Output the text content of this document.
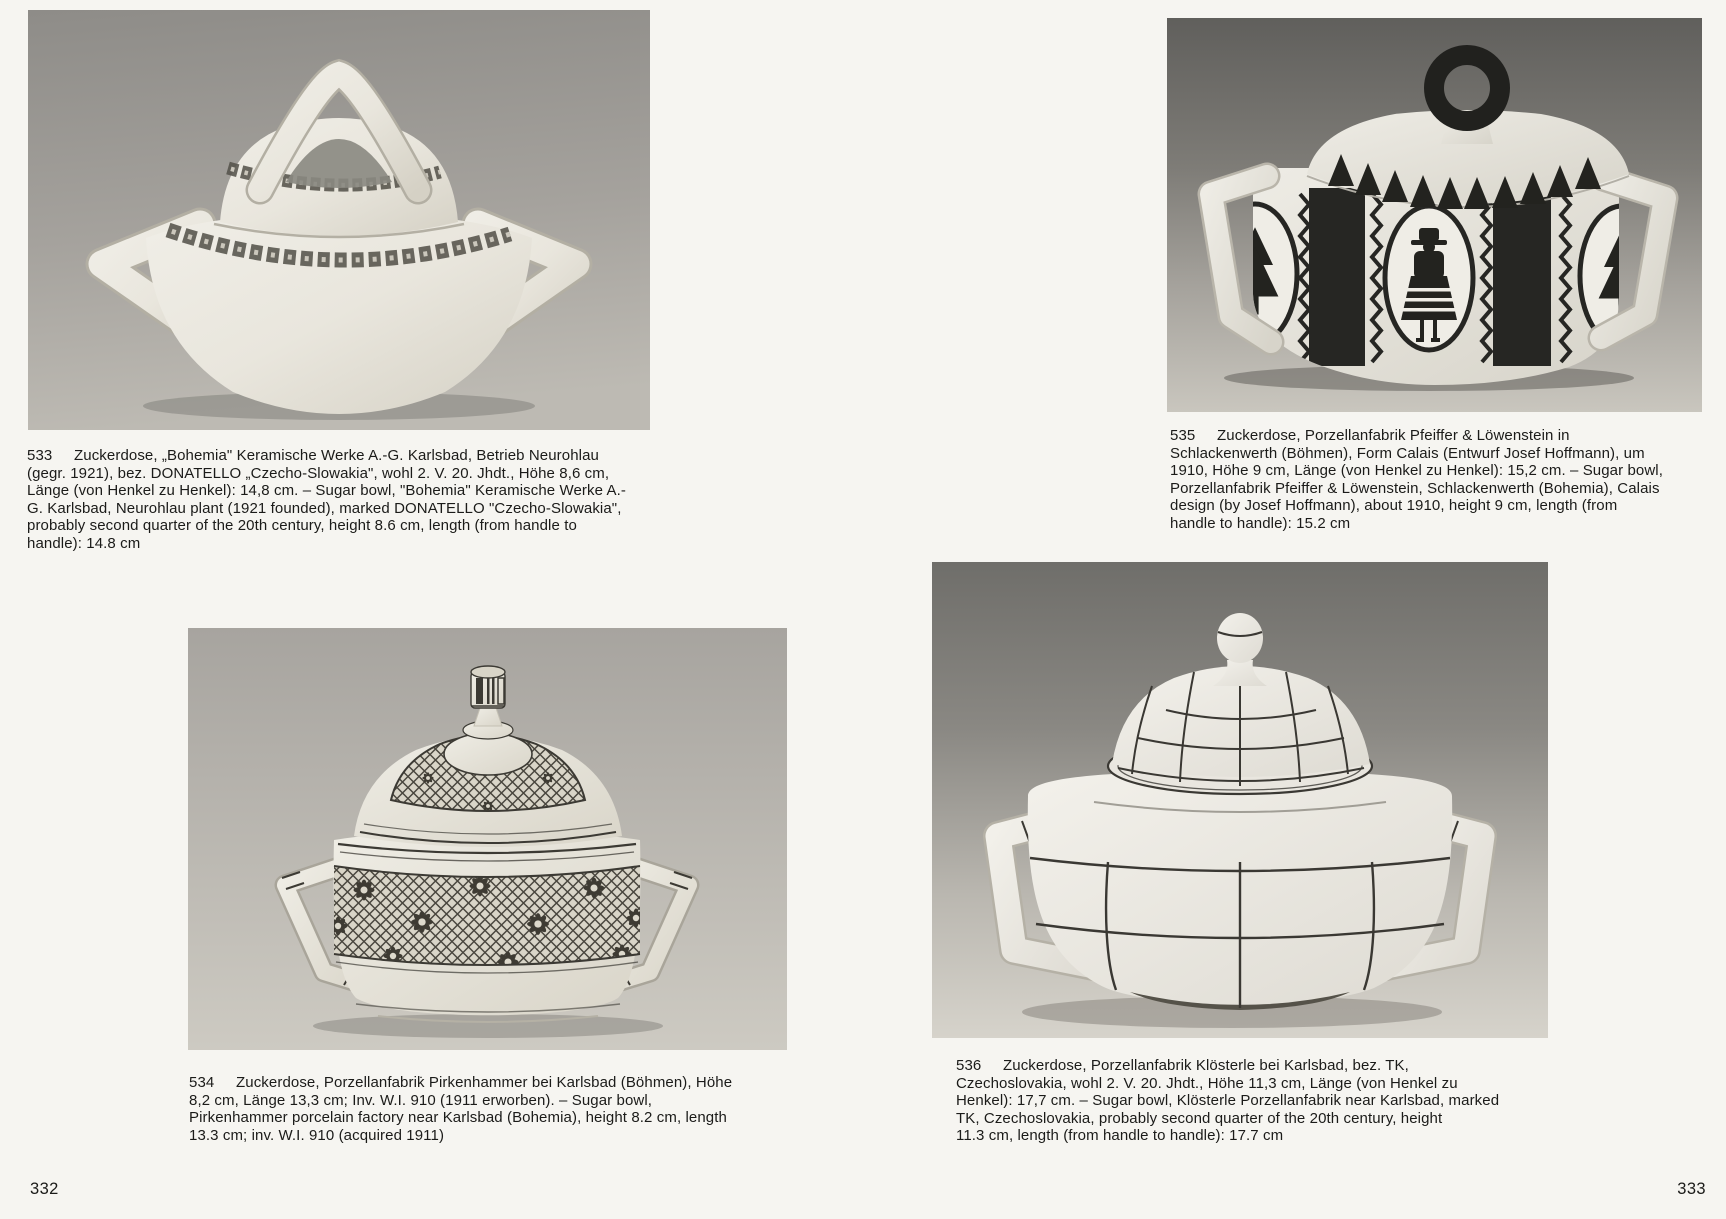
533 Zuckerdose, „Bohemia" Keramische Werke A.-G. Karlsbad, Betrieb Neurohlau
(gegr. 1921), bez. DONATELLO „Czecho-Slowakia", wohl 2. V. 20. Jhdt., Höhe 8,6 cm,
Länge (von Henkel zu Henkel): 14,8 cm. – Sugar bowl, "Bohemia" Keramische Werke A.-
G. Karlsbad, Neurohlau plant (1921 founded), marked DONATELLO "Czecho-Slowakia",
probably second quarter of the 20th century, height 8.6 cm, length (from handle to
handle): 14.8 cm
535 Zuckerdose, Porzellanfabrik Pfeiffer & Löwenstein in
Schlackenwerth (Böhmen), Form Calais (Entwurf Josef Hoffmann), um
1910, Höhe 9 cm, Länge (von Henkel zu Henkel): 15,2 cm. – Sugar bowl,
Porzellanfabrik Pfeiffer & Löwenstein, Schlackenwerth (Bohemia), Calais
design (by Josef Hoffmann), about 1910, height 9 cm, length (from
handle to handle): 15.2 cm
534 Zuckerdose, Porzellanfabrik̇ Pirkenhammer bei Karlsbad (Böhmen), Höhe
8,2 cm, Länge 13,3 cm; Inv. W.I. 910 (1911 erworben). – Sugar bowl,
Pirkenhammer porcelain factory near Karlsbad (Bohemia), height 8.2 cm, length
13.3 cm; inv. W.I. 910 (acquired 1911)
536 Zuckerdose, Porzellanfabrik Klösterle bei Karlsbad, bez. TK,
Czechoslovakia, wohl 2. V. 20. Jhdt., Höhe 11,3 cm, Länge (von Henkel zu
Henkel): 17,7 cm. – Sugar bowl, Klösterle Porzellanfabrik near Karlsbad, marked
TK, Czechoslovakia, probably second quarter of the 20th century, height
11.3 cm, length (from handle to handle): 17.7 cm
332	333
